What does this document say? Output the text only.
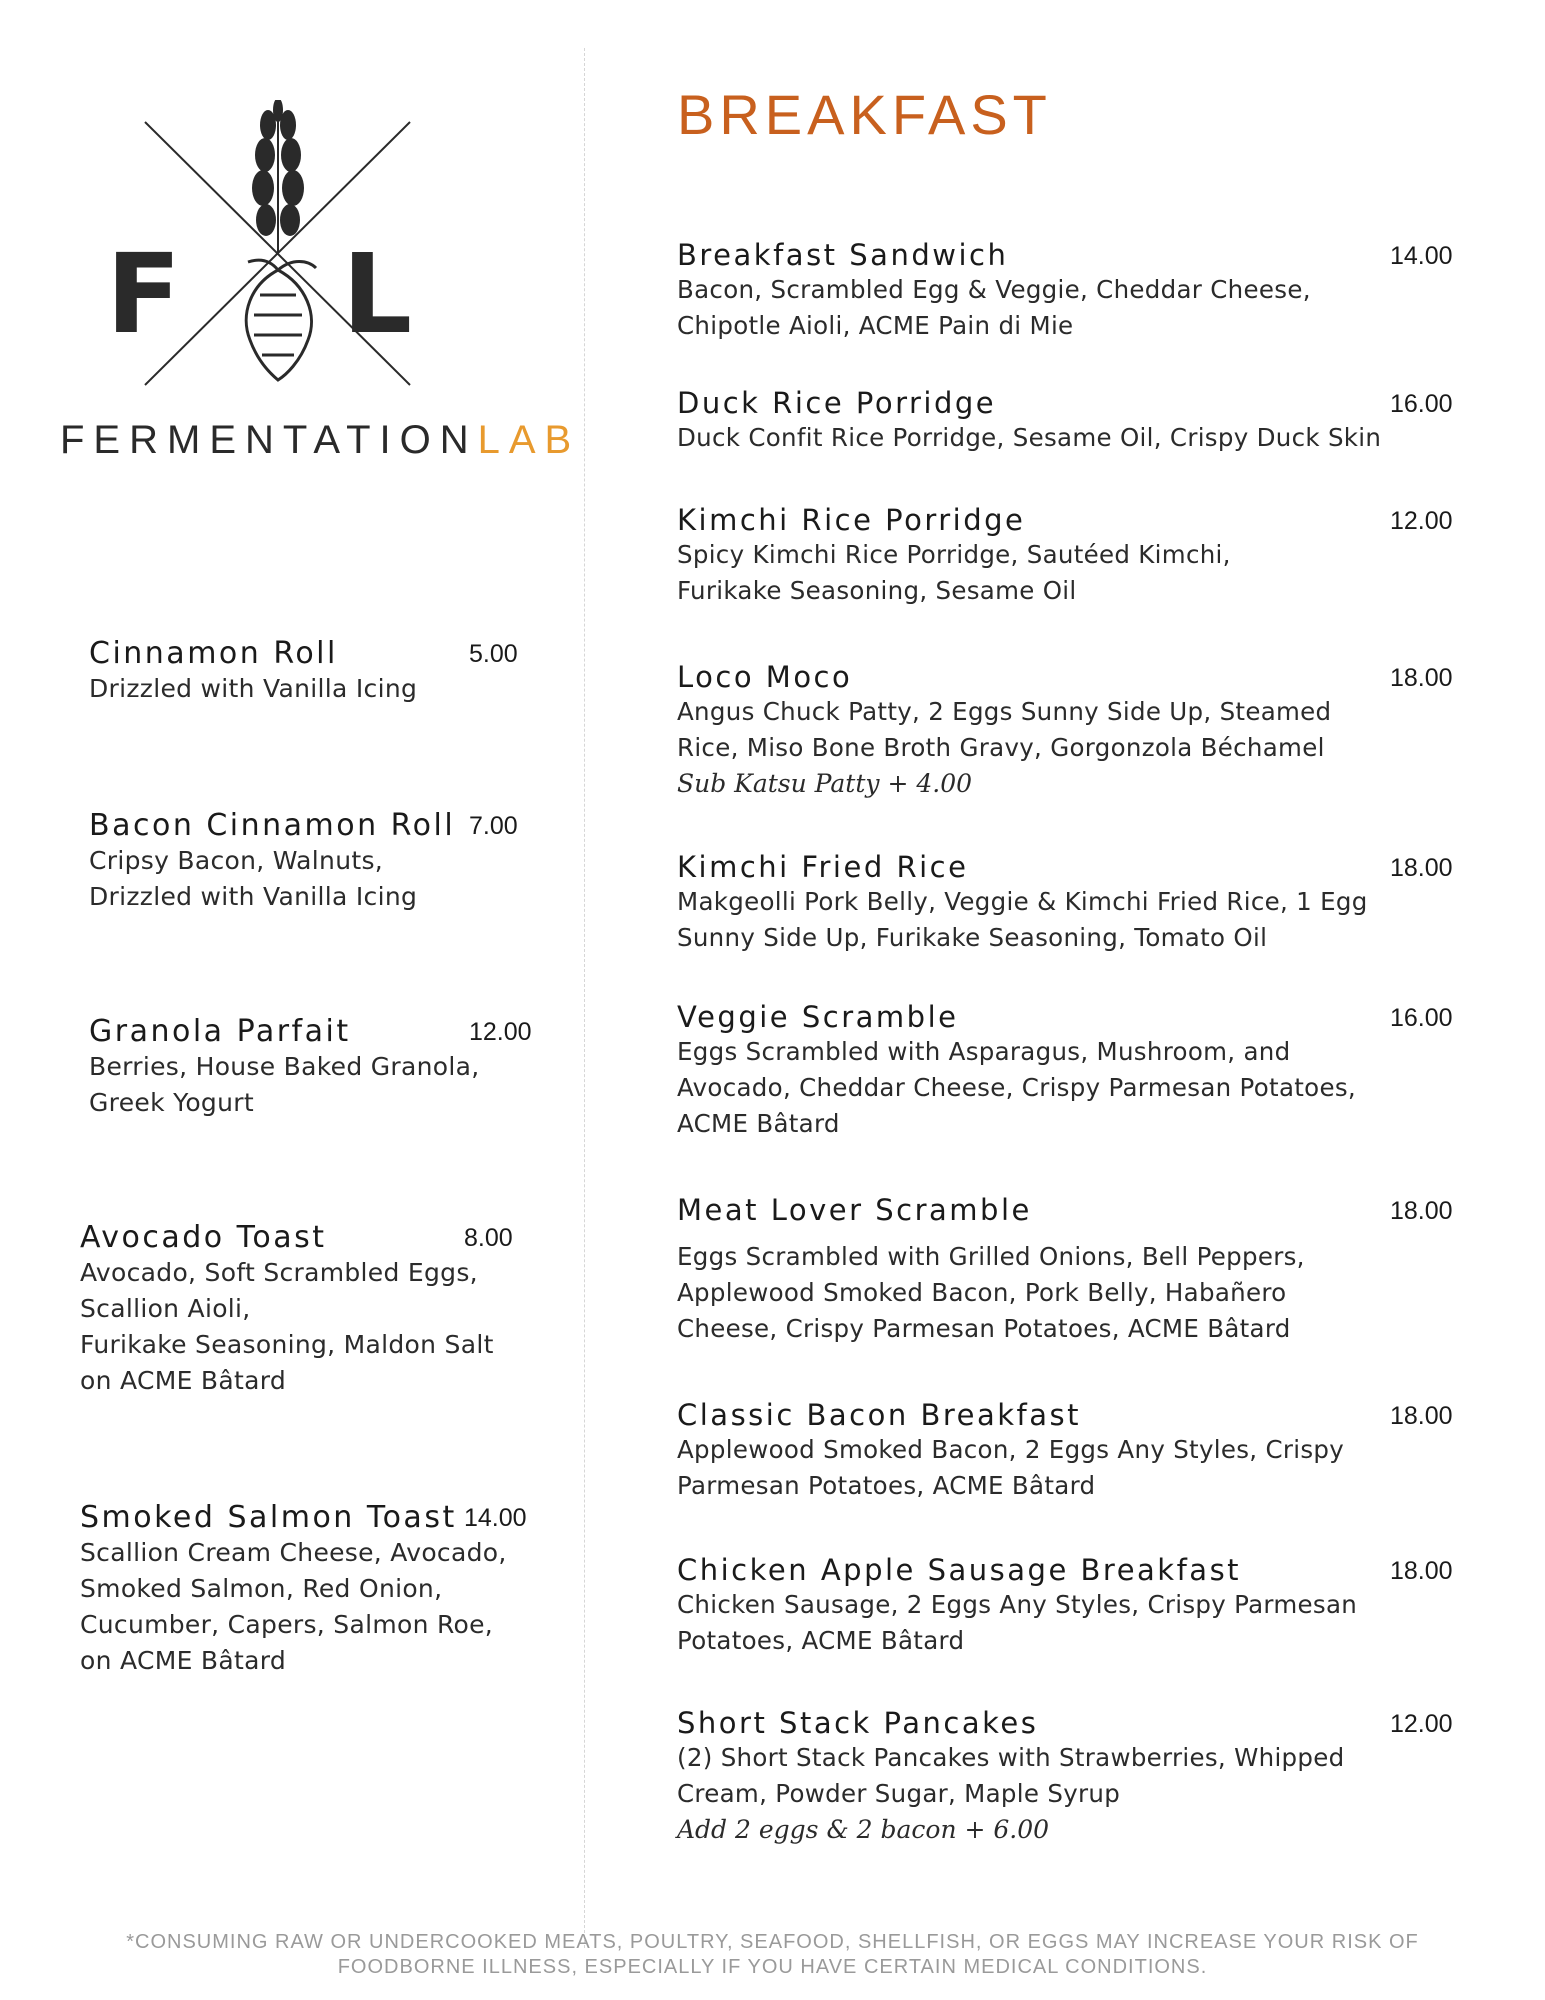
F L
FERMENTATIONLAB
Cinnamon Roll	5.00
Drizzled with Vanilla Icing
Bacon Cinnamon Roll 7.00
Cripsy Bacon, Walnuts,
Drizzled with Vanilla Icing
Granola Parfait	12.00
Berries, House Baked Granola,
Greek Yogurt
Avocado Toast	8.00
Avocado, Soft Scrambled Eggs,
Scallion Aioli,
Furikake Seasoning, Maldon Salt
on ACME Bâtard
Smoked Salmon Toast 14.00
Scallion Cream Cheese, Avocado,
Smoked Salmon, Red Onion,
Cucumber, Capers, Salmon Roe,
on ACME Bâtard
BREAKFAST
Breakfast Sandwich	14.00
Bacon, Scrambled Egg & Veggie, Cheddar Cheese,
Chipotle Aioli, ACME Pain di Mie
Duck Rice Porridge	16.00
Duck Confit Rice Porridge, Sesame Oil, Crispy Duck Skin
Kimchi Rice Porridge	12.00
Spicy Kimchi Rice Porridge, Sautéed Kimchi,
Furikake Seasoning, Sesame Oil
Loco Moco	18.00
Angus Chuck Patty, 2 Eggs Sunny Side Up, Steamed
Rice, Miso Bone Broth Gravy, Gorgonzola Béchamel
Sub Katsu Patty + 4.00
Kimchi Fried Rice	18.00
Makgeolli Pork Belly, Veggie & Kimchi Fried Rice, 1 Egg
Sunny Side Up, Furikake Seasoning, Tomato Oil
Veggie Scramble	16.00
Eggs Scrambled with Asparagus, Mushroom, and
Avocado, Cheddar Cheese, Crispy Parmesan Potatoes,
ACME Bâtard
Meat Lover Scramble	18.00
Eggs Scrambled with Grilled Onions, Bell Peppers,
Applewood Smoked Bacon, Pork Belly, Habañero
Cheese, Crispy Parmesan Potatoes, ACME Bâtard
Classic Bacon Breakfast	18.00
Applewood Smoked Bacon, 2 Eggs Any Styles, Crispy
Parmesan Potatoes, ACME Bâtard
Chicken Apple Sausage Breakfast	18.00
Chicken Sausage, 2 Eggs Any Styles, Crispy Parmesan
Potatoes, ACME Bâtard
Short Stack Pancakes	12.00
(2) Short Stack Pancakes with Strawberries, Whipped
Cream, Powder Sugar, Maple Syrup
Add 2 eggs & 2 bacon + 6.00
*CONSUMING RAW OR UNDERCOOKED MEATS, POULTRY, SEAFOOD, SHELLFISH, OR EGGS MAY INCREASE YOUR RISK OF
FOODBORNE ILLNESS, ESPECIALLY IF YOU HAVE CERTAIN MEDICAL CONDITIONS.
